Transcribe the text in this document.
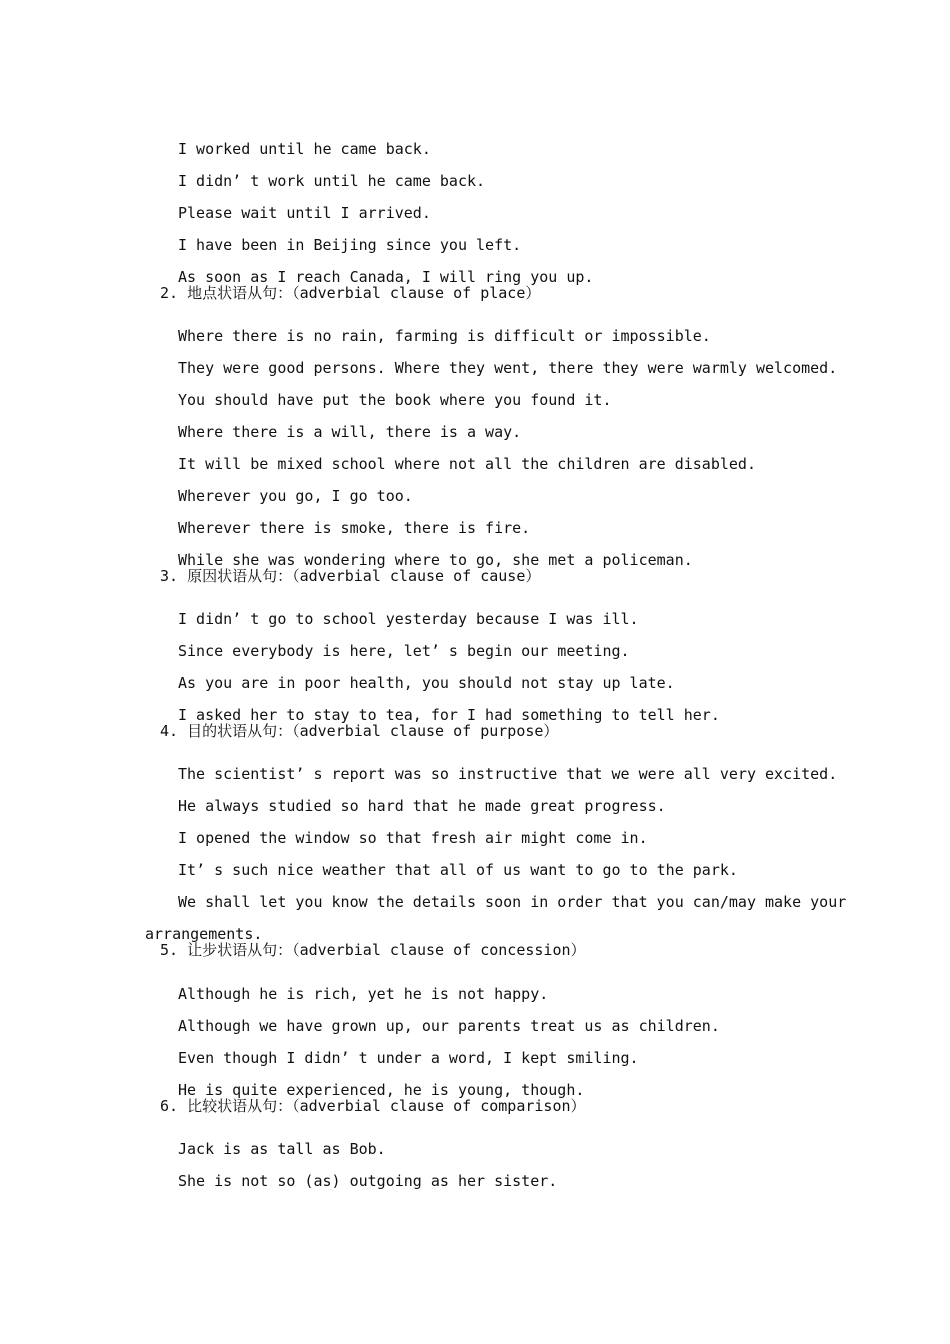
I worked until he came back.
I didn’ t work until he came back.
Please wait until I arrived.
I have been in Beijing since you left.
As soon as I reach Canada, I will ring you up.
2. 地点状语从句：（adverbial clause of place）
Where there is no rain, farming is difficult or impossible.
They were good persons. Where they went, there they were warmly welcomed.
You should have put the book where you found it.
Where there is a will, there is a way.
It will be mixed school where not all the children are disabled.
Wherever you go, I go too.
Wherever there is smoke, there is fire.
While she was wondering where to go, she met a policeman.
3. 原因状语从句：（adverbial clause of cause）
I didn’ t go to school yesterday because I was ill.
Since everybody is here, let’ s begin our meeting.
As you are in poor health, you should not stay up late.
I asked her to stay to tea, for I had something to tell her.
4. 目的状语从句：（adverbial clause of purpose）
The scientist’ s report was so instructive that we were all very excited.
He always studied so hard that he made great progress.
I opened the window so that fresh air might come in.
It’ s such nice weather that all of us want to go to the park.
We shall let you know the details soon in order that you can/may make your
arrangements.
5. 让步状语从句：（adverbial clause of concession）
Although he is rich, yet he is not happy.
Although we have grown up, our parents treat us as children.
Even though I didn’ t under a word, I kept smiling.
He is quite experienced, he is young, though.
6. 比较状语从句：（adverbial clause of comparison）
Jack is as tall as Bob.
She is not so (as) outgoing as her sister.
